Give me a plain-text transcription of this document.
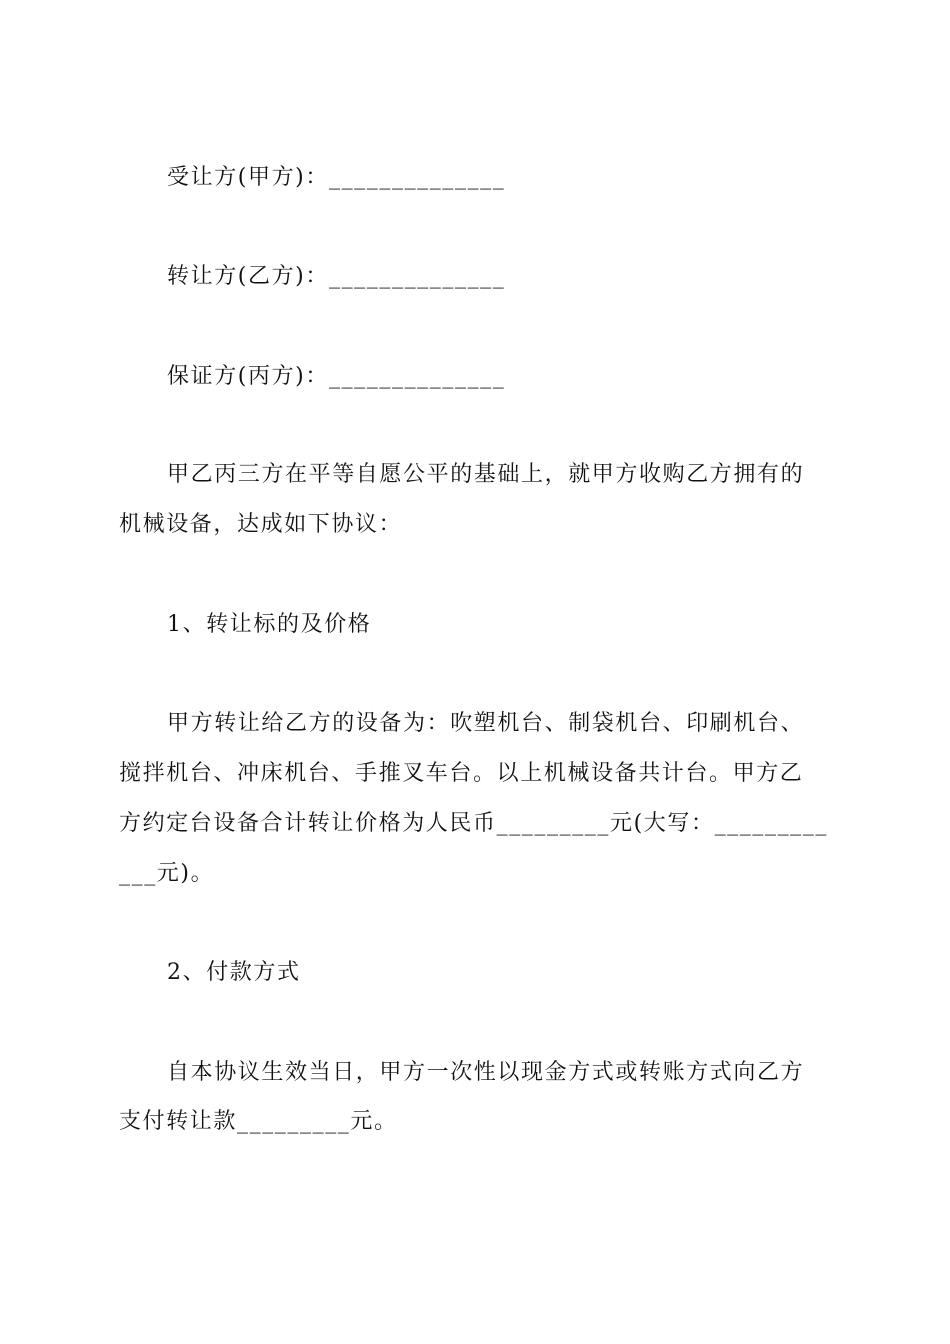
受让方(甲方)：______________
转让方(乙方)：______________
保证方(丙方)：______________
甲乙丙三方在平等自愿公平的基础上，就甲方收购乙方拥有的
机械设备，达成如下协议：
1、转让标的及价格
甲方转让给乙方的设备为：吹塑机台、制袋机台、印刷机台、
搅拌机台、冲床机台、手推叉车台。以上机械设备共计台。甲方乙
方约定台设备合计转让价格为人民币_________元(大写：_________
___元)。
2、付款方式
自本协议生效当日，甲方一次性以现金方式或转账方式向乙方
支付转让款_________元。
